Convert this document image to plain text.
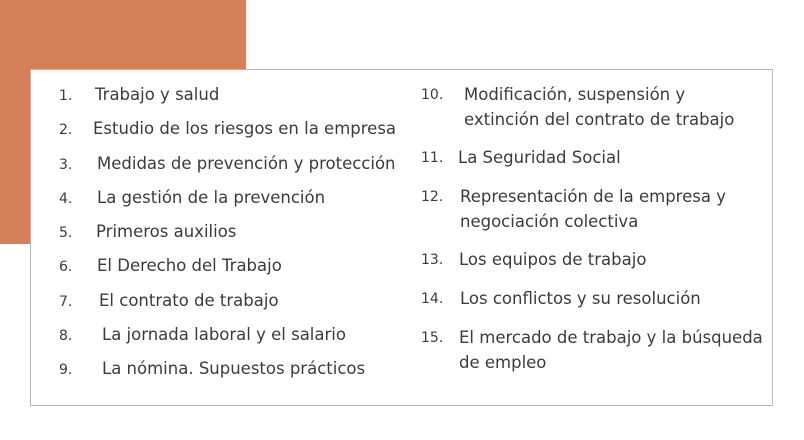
1.	Trabajo y salud
2.	Estudio de los riesgos en la empresa
3.	Medidas de prevención y protección
4.	La gestión de la prevención
5.	Primeros auxilios
6.	El Derecho del Trabajo
7.	El contrato de trabajo
8.	La jornada laboral y el salario
9.	La nómina. Supuestos prácticos
10.	Modificación, suspensión y
extinción del contrato de trabajo
11. La Seguridad Social
12.	Representación de la empresa y
negociación colectiva
13. Los equipos de trabajo
14.	Los conflictos y su resolución
15. El mercado de trabajo y la búsqueda
de empleo
